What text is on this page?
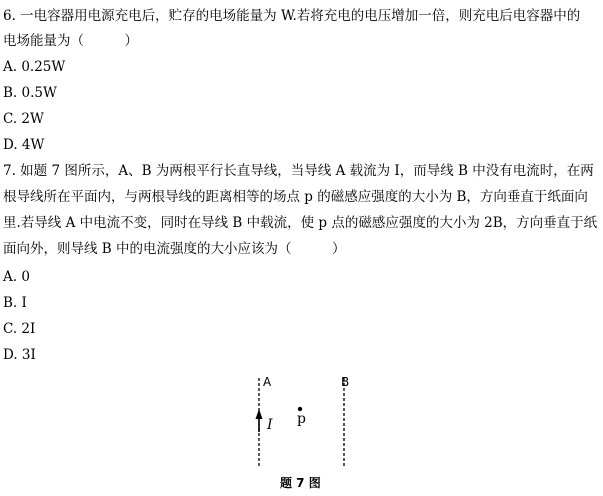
6. 一电容器用电源充电后，贮存的电场能量为 W.若将充电的电压增加一倍，则充电后电容器中的
电场能量为（　　　）
A. 0.25W
B. 0.5W
C. 2W
D. 4W
7. 如题 7 图所示，A、B 为两根平行长直导线，当导线 A 载流为 I，而导线 B 中没有电流时，在两
根导线所在平面内，与两根导线的距离相等的场点 p 的磁感应强度的大小为 B，方向垂直于纸面向
里.若导线 A 中电流不变，同时在导线 B 中载流，使 p 点的磁感应强度的大小为 2B，方向垂直于纸
面向外，则导线 B 中的电流强度的大小应该为（　　　）
A. 0
B. I
C. 2I
D. 3I
A	B
I p
题 7 图
